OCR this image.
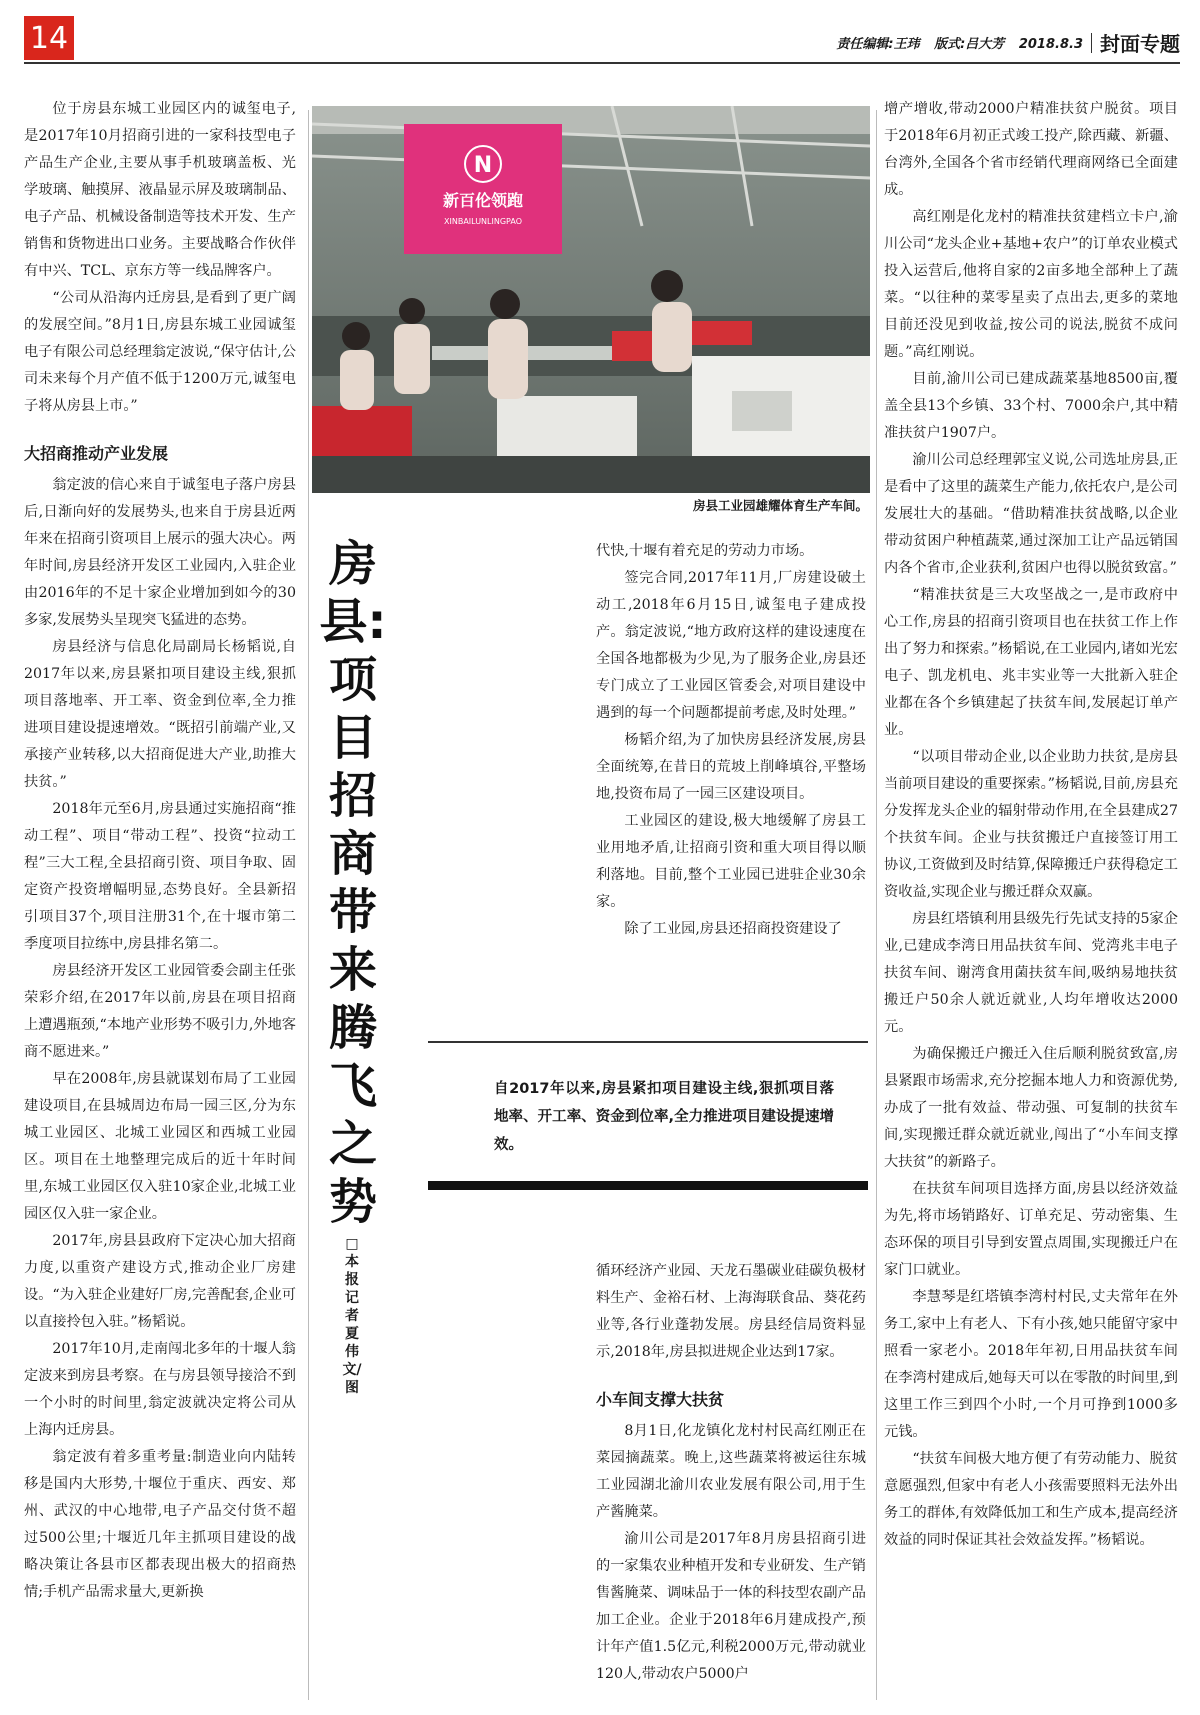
14	责任编辑:王玮 版式:吕大芳 2018.8.3 封面专题

位于房县东城工业园区内的诚玺电子,是2017年10月招商引进的一家科技型电子产品生产企业,主要从事手机玻璃盖板、光学玻璃、触摸屏、液晶显示屏及玻璃制品、电子产品、机械设备制造等技术开发、生产销售和货物进出口业务。主要战略合作伙伴有中兴、TCL、京东方等一线品牌客户。

“公司从沿海内迁房县,是看到了更广阔的发展空间。”8月1日,房县东城工业园诚玺电子有限公司总经理翁定波说,“保守估计,公司未来每个月产值不低于1200万元,诚玺电子将从房县上市。”

大招商推动产业发展

翁定波的信心来自于诚玺电子落户房县后,日渐向好的发展势头,也来自于房县近两年来在招商引资项目上展示的强大决心。两年时间,房县经济开发区工业园内,入驻企业由2016年的不足十家企业增加到如今的30多家,发展势头呈现突飞猛进的态势。

房县经济与信息化局副局长杨韬说,自2017年以来,房县紧扣项目建设主线,狠抓项目落地率、开工率、资金到位率,全力推进项目建设提速增效。“既招引前端产业,又承接产业转移,以大招商促进大产业,助推大扶贫。”

2018年元至6月,房县通过实施招商“推动工程”、项目“带动工程”、投资“拉动工程”三大工程,全县招商引资、项目争取、固定资产投资增幅明显,态势良好。全县新招引项目37个,项目注册31个,在十堰市第二季度项目拉练中,房县排名第二。

房县经济开发区工业园管委会副主任张荣彩介绍,在2017年以前,房县在项目招商上遭遇瓶颈,“本地产业形势不吸引力,外地客商不愿进来。”

早在2008年,房县就谋划布局了工业园建设项目,在县城周边布局一园三区,分为东城工业园区、北城工业园区和西城工业园区。项目在土地整理完成后的近十年时间里,东城工业园区仅入驻10家企业,北城工业园区仅入驻一家企业。

2017年,房县县政府下定决心加大招商力度,以重资产建设方式,推动企业厂房建设。“为入驻企业建好厂房,完善配套,企业可以直接拎包入驻。”杨韬说。

2017年10月,走南闯北多年的十堰人翁定波来到房县考察。在与房县领导接洽不到一个小时的时间里,翁定波就决定将公司从上海内迁房县。

翁定波有着多重考量:制造业向内陆转移是国内大形势,十堰位于重庆、西安、郑州、武汉的中心地带,电子产品交付货不超过500公里;十堰近几年主抓项目建设的战略决策让各县市区都表现出极大的招商热情;手机产品需求量大,更新换

N
新百伦领跑
XINBAILUNLINGPAO
房县工业园雄耀体育生产车间。
房县:项目招商带来腾飞之势
□本报记者 夏伟 文/图

代快,十堰有着充足的劳动力市场。

签完合同,2017年11月,厂房建设破土动工,2018年6月15日,诚玺电子建成投产。翁定波说,“地方政府这样的建设速度在全国各地都极为少见,为了服务企业,房县还专门成立了工业园区管委会,对项目建设中遇到的每一个问题都提前考虑,及时处理。”

杨韬介绍,为了加快房县经济发展,房县全面统筹,在昔日的荒坡上削峰填谷,平整场地,投资布局了一园三区建设项目。

工业园区的建设,极大地缓解了房县工业用地矛盾,让招商引资和重大项目得以顺利落地。目前,整个工业园已进驻企业30余家。

除了工业园,房县还招商投资建设了

自2017年以来,房县紧扣项目建设主线,狠抓项目落地率、开工率、资金到位率,全力推进项目建设提速增效。

循环经济产业园、天龙石墨碳业硅碳负极材料生产、金裕石材、上海海联食品、葵花药业等,各行业蓬勃发展。房县经信局资料显示,2018年,房县拟进规企业达到17家。

小车间支撑大扶贫

8月1日,化龙镇化龙村村民高红刚正在菜园摘蔬菜。晚上,这些蔬菜将被运往东城工业园湖北渝川农业发展有限公司,用于生产酱腌菜。

渝川公司是2017年8月房县招商引进的一家集农业种植开发和专业研发、生产销售酱腌菜、调味品于一体的科技型农副产品加工企业。企业于2018年6月建成投产,预计年产值1.5亿元,利税2000万元,带动就业120人,带动农户5000户

增产增收,带动2000户精准扶贫户脱贫。项目于2018年6月初正式竣工投产,除西藏、新疆、台湾外,全国各个省市经销代理商网络已全面建成。

高红刚是化龙村的精准扶贫建档立卡户,渝川公司“龙头企业+基地+农户”的订单农业模式投入运营后,他将自家的2亩多地全部种上了蔬菜。“以往种的菜零星卖了点出去,更多的菜地目前还没见到收益,按公司的说法,脱贫不成问题。”高红刚说。

目前,渝川公司已建成蔬菜基地8500亩,覆盖全县13个乡镇、33个村、7000余户,其中精准扶贫户1907户。

渝川公司总经理郭宝义说,公司选址房县,正是看中了这里的蔬菜生产能力,依托农户,是公司发展壮大的基础。“借助精准扶贫战略,以企业带动贫困户种植蔬菜,通过深加工让产品远销国内各个省市,企业获利,贫困户也得以脱贫致富。”

“精准扶贫是三大攻坚战之一,是市政府中心工作,房县的招商引资项目也在扶贫工作上作出了努力和探索。”杨韬说,在工业园内,诸如光宏电子、凯龙机电、兆丰实业等一大批新入驻企业都在各个乡镇建起了扶贫车间,发展起订单产业。

“以项目带动企业,以企业助力扶贫,是房县当前项目建设的重要探索。”杨韬说,目前,房县充分发挥龙头企业的辐射带动作用,在全县建成27个扶贫车间。企业与扶贫搬迁户直接签订用工协议,工资做到及时结算,保障搬迁户获得稳定工资收益,实现企业与搬迁群众双赢。

房县红塔镇利用县级先行先试支持的5家企业,已建成李湾日用品扶贫车间、党湾兆丰电子扶贫车间、谢湾食用菌扶贫车间,吸纳易地扶贫搬迁户50余人就近就业,人均年增收达2000元。

为确保搬迁户搬迁入住后顺利脱贫致富,房县紧跟市场需求,充分挖掘本地人力和资源优势,办成了一批有效益、带动强、可复制的扶贫车间,实现搬迁群众就近就业,闯出了“小车间支撑大扶贫”的新路子。

在扶贫车间项目选择方面,房县以经济效益为先,将市场销路好、订单充足、劳动密集、生态环保的项目引导到安置点周围,实现搬迁户在家门口就业。

李慧琴是红塔镇李湾村村民,丈夫常年在外务工,家中上有老人、下有小孩,她只能留守家中照看一家老小。2018年年初,日用品扶贫车间在李湾村建成后,她每天可以在零散的时间里,到这里工作三到四个小时,一个月可挣到1000多元钱。

“扶贫车间极大地方便了有劳动能力、脱贫意愿强烈,但家中有老人小孩需要照料无法外出务工的群体,有效降低加工和生产成本,提高经济效益的同时保证其社会效益发挥。”杨韬说。
